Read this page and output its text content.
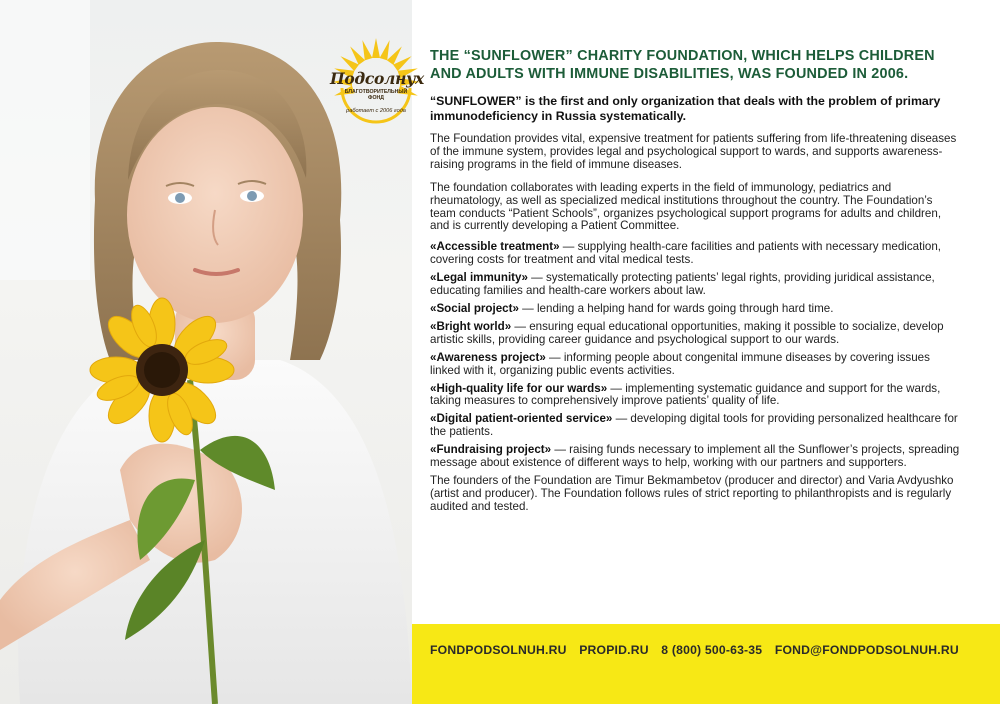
Подсолнух
БЛАГОТВОРИТЕЛЬНЫЙ ФОНД
работает с 2006 года
THE “SUNFLOWER” CHARITY FOUNDATION, WHICH HELPS CHILDREN AND ADULTS WITH IMMUNE DISABILITIES, WAS FOUNDED IN 2006.

“SUNFLOWER” is the first and only organization that deals with the problem of primary immunodeficiency in Russia systematically.

The Foundation provides vital, expensive treatment for patients suffering from life-threatening diseases of the immune system, provides legal and psychological support to wards, and supports awareness-raising programs in the field of immune diseases.

The foundation collaborates with leading experts in the field of immunology, pediatrics and rheumatology, as well as specialized medical institutions throughout the country. The Foundation’s team conducts “Patient Schools”, organizes psychological support programs for adults and children, and is currently developing a Patient Committee.

«Accessible treatment» — supplying health-care facilities and patients with necessary medication, covering costs for treatment and vital medical tests.
«Legal immunity» — systematically protecting patients’ legal rights, providing juridical assistance, educating families and health-care workers about law.
«Social project» — lending a helping hand for wards going through hard time.
«Bright world» — ensuring equal educational opportunities, making it possible to socialize, develop artistic skills, providing career guidance and psychological support to our wards.
«Awareness project» — informing people about congenital immune diseases by covering issues linked with it, organizing public events activities.
«High-quality life for our wards» — implementing systematic guidance and support for the wards, taking measures to comprehensively improve patients’ quality of life.
«Digital patient-oriented service» — developing digital tools for providing personalized healthcare for the patients.
«Fundraising project» — raising funds necessary to implement all the Sunflower’s projects, spreading message about existence of different ways to help, working with our partners and supporters.

The founders of the Foundation are Timur Bekmambetov (producer and director) and Varia Avdyushko (artist and producer). The Foundation follows rules of strict reporting to philanthropists and is regularly audited and tested.

FONDPODSOLNUH.RU PROPID.RU 8 (800) 500-63-35 FOND@FONDPODSOLNUH.RU
